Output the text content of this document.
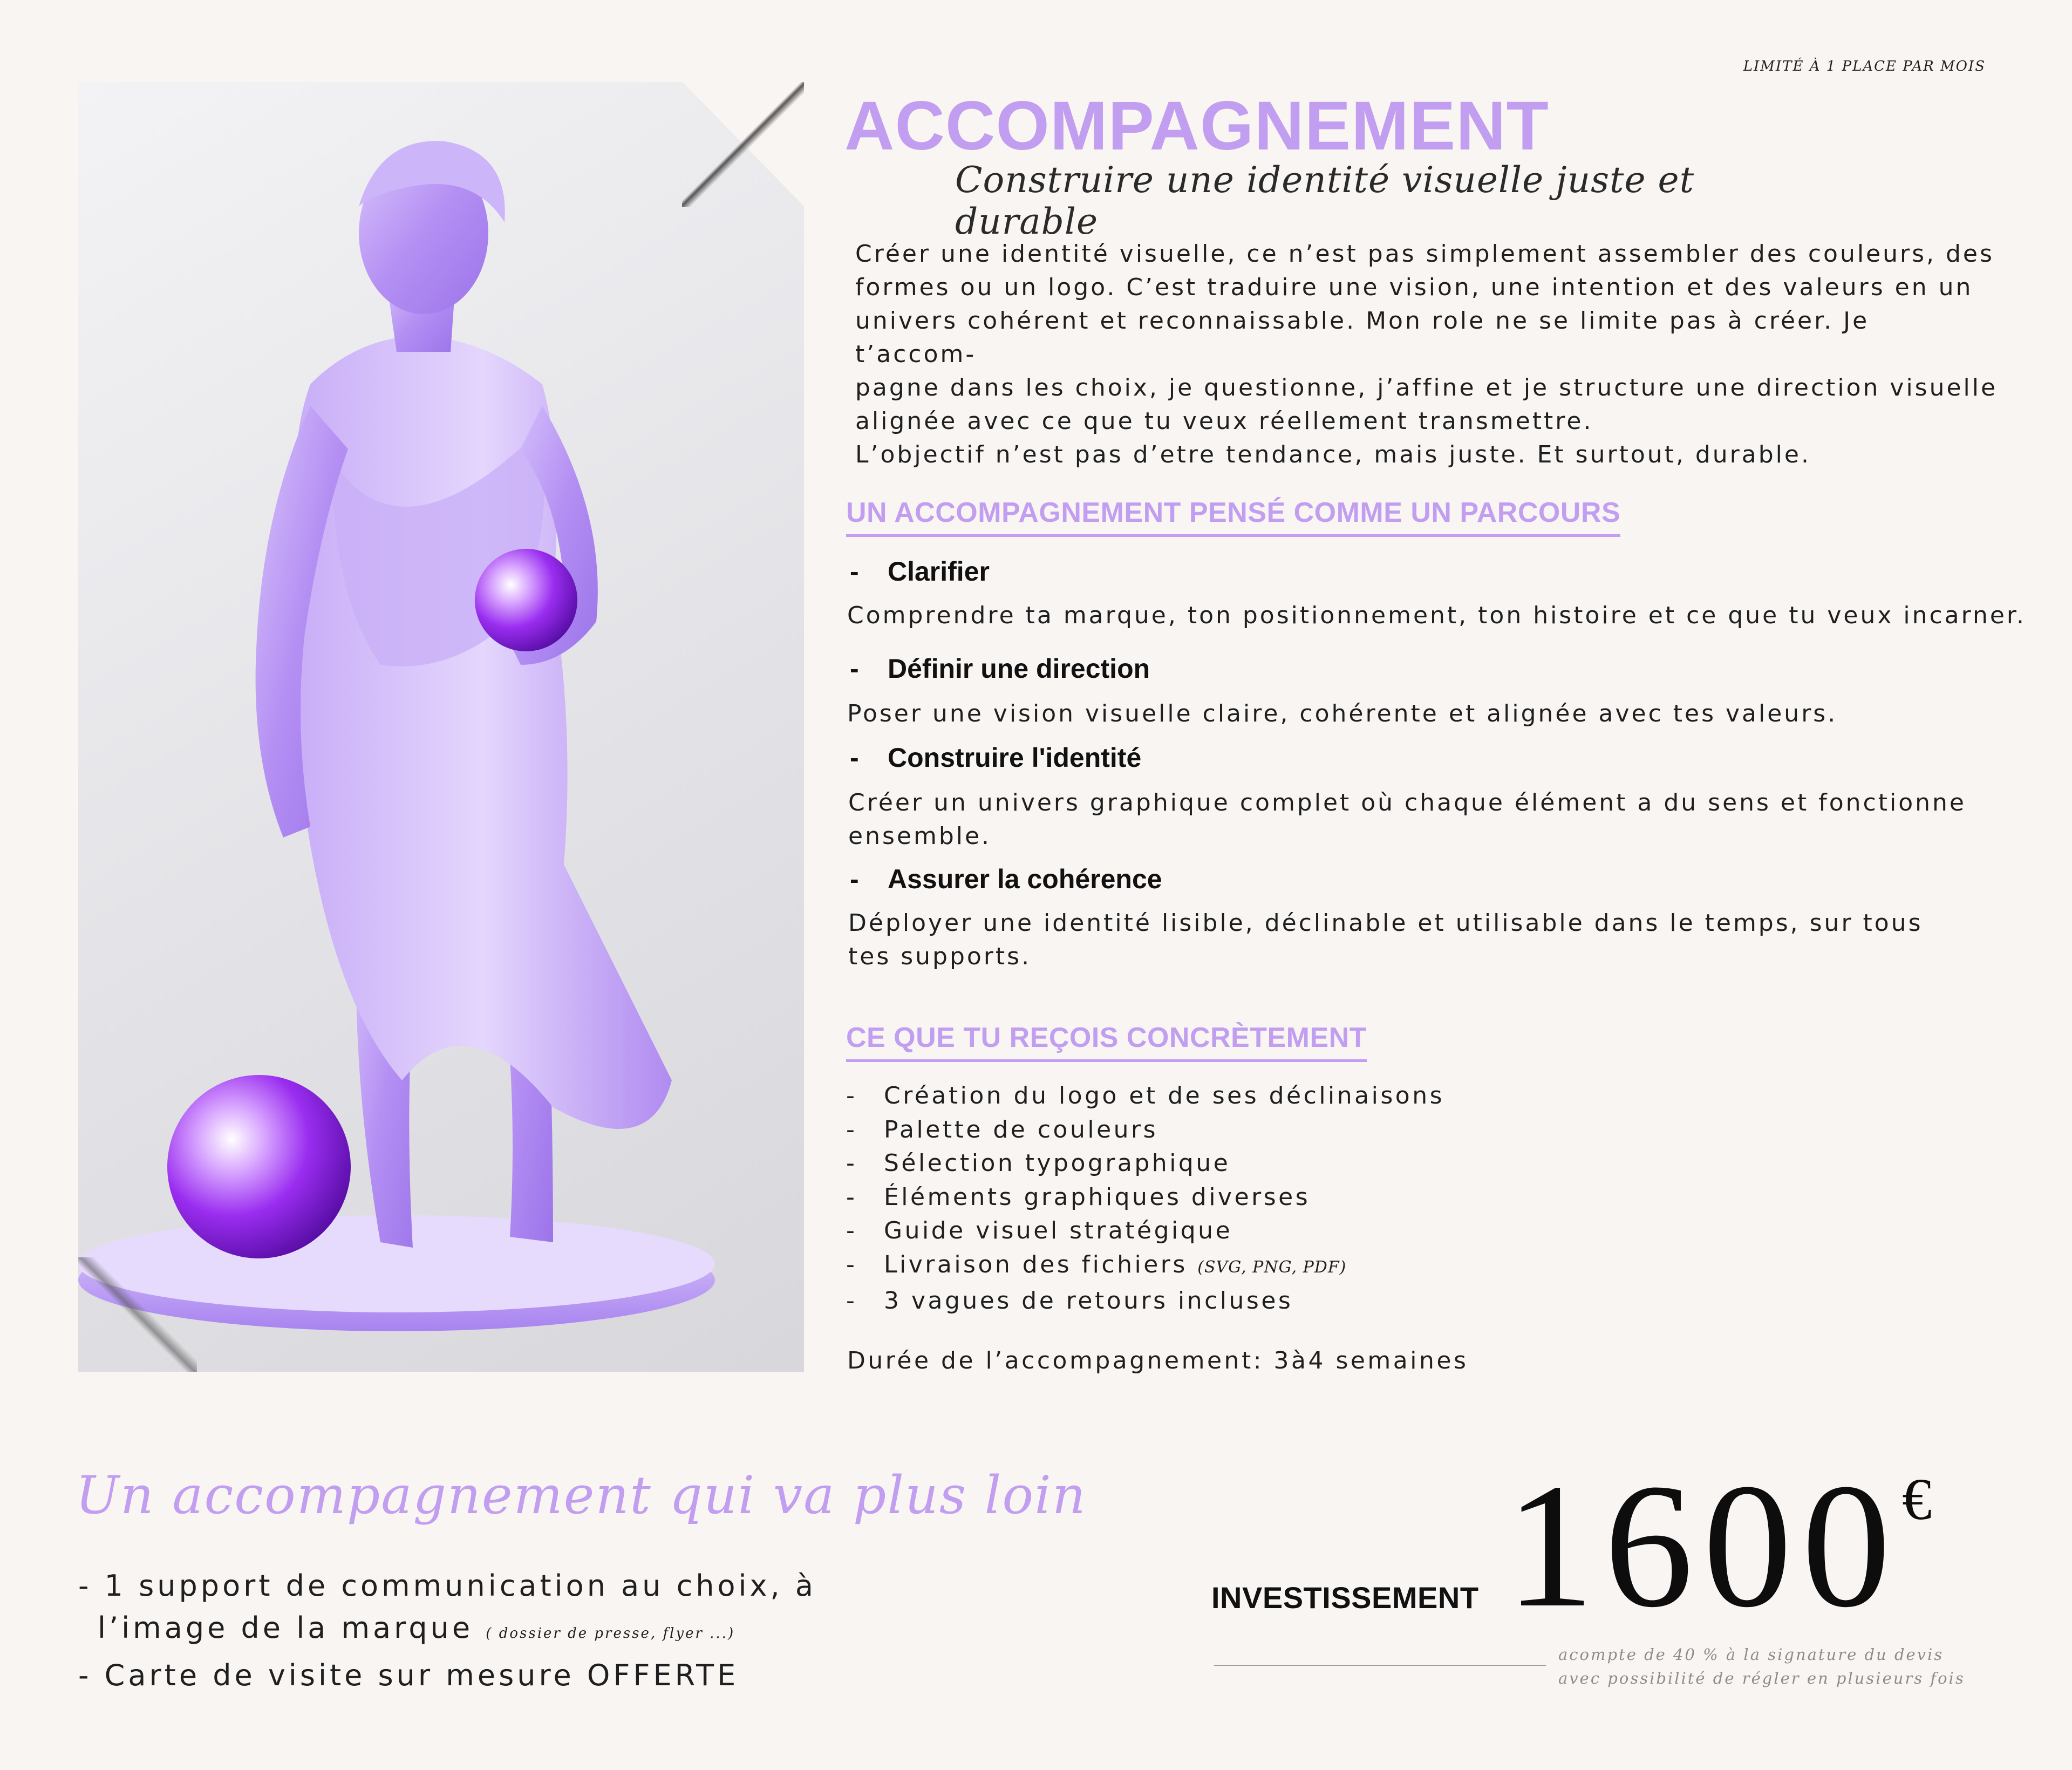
LIMITÉ À 1 PLACE PAR MOIS
ACCOMPAGNEMENT
Construire une identité visuelle juste et durable

Créer une identité visuelle, ce n’est pas simplement assembler des couleurs, des

formes ou un logo. C’est traduire une vision, une intention et des valeurs en un

univers cohérent et reconnaissable. Mon role ne se limite pas à créer. Je t’accom-

pagne dans les choix, je questionne, j’affine et je structure une direction visuelle

alignée avec ce que tu veux réellement transmettre.

L’objectif n’est pas d’etre tendance, mais juste. Et surtout, durable.

UN ACCOMPAGNEMENT PENSÉ COMME UN PARCOURS
- Clarifier
Comprendre ta marque, ton positionnement, ton histoire et ce que tu veux incarner.
- Définir une direction
Poser une vision visuelle claire, cohérente et alignée avec tes valeurs.
- Construire l'identité
Créer un univers graphique complet où chaque élément a du sens et fonctionne ensemble.
- Assurer la cohérence
Déployer une identité lisible, déclinable et utilisable dans le temps, sur tous tes supports.
CE QUE TU REÇOIS CONCRÈTEMENT
- Création du logo et de ses déclinaisons
- Palette de couleurs
- Sélection typographique
- Éléments graphiques diverses
- Guide visuel stratégique
- Livraison des fichiers (SVG, PNG, PDF)
- 3 vagues de retours incluses
Durée de l’accompagnement: 3à4 semaines
Un accompagnement qui va plus loin
- 1 support de communication au choix, à
l’image de la marque ( dossier de presse, flyer ...)
- Carte de visite sur mesure OFFERTE
INVESTISSEMENT 1600 €
acompte de 40 % à la signature du devis
avec possibilité de régler en plusieurs fois
